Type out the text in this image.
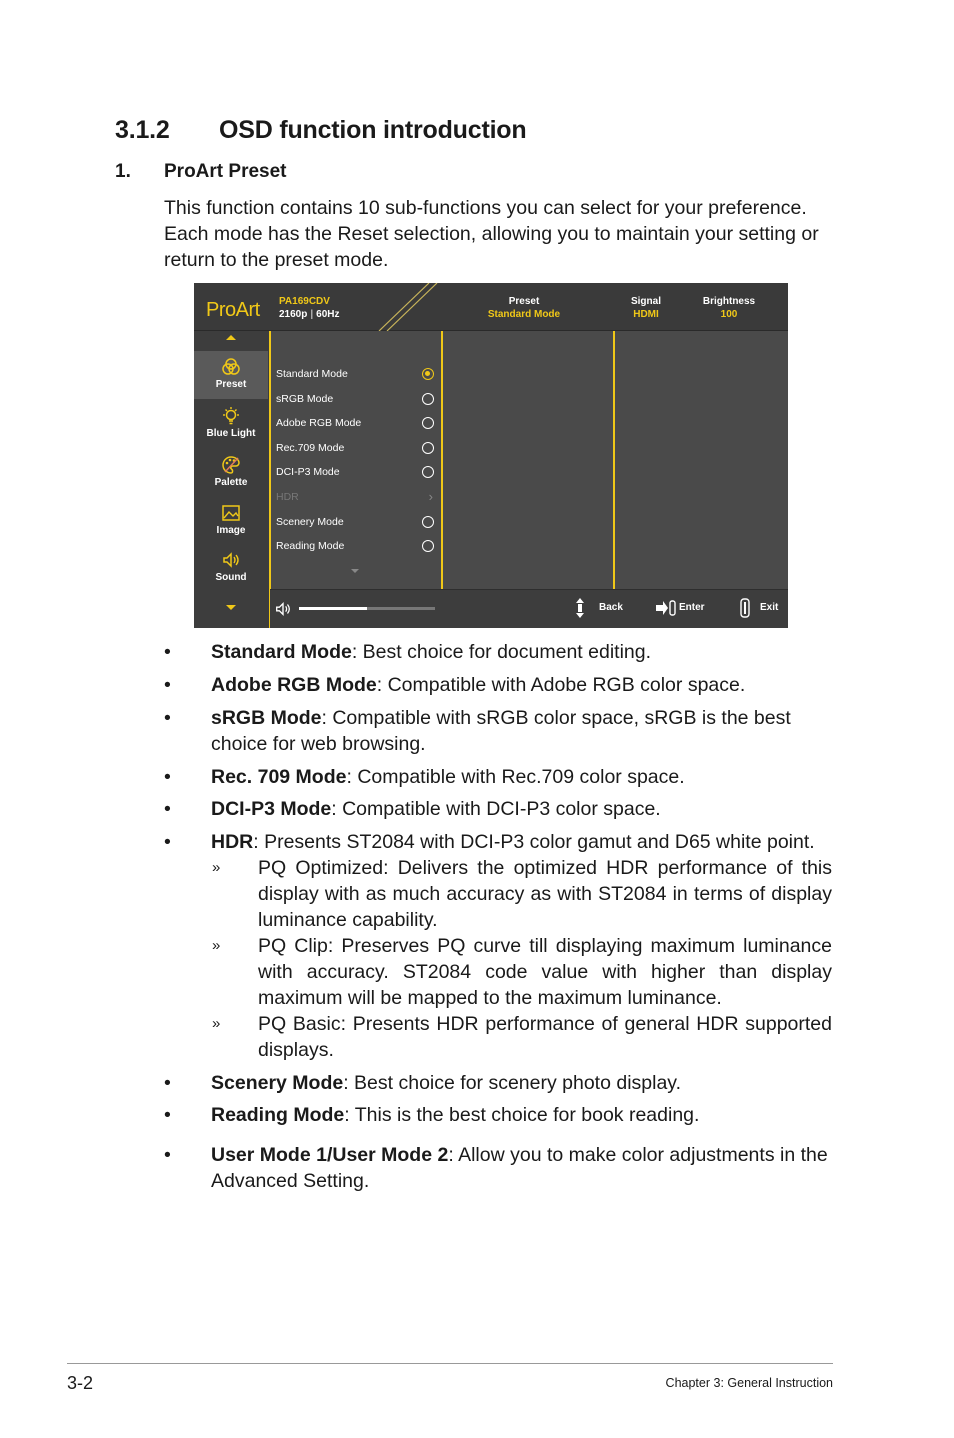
3.1.2 OSD function introduction
1. ProArt Preset

This function contains 10 sub-functions you can select for your preference. Each mode has the Reset selection, allowing you to maintain your setting or return to the preset mode.

ProArt PA169CDV
2160p | 60Hz
Preset
Standard Mode
Signal
HDMI
Brightness
100
Preset
Blue Light
Palette
Image
Sound
Standard Mode
sRGB Mode
Adobe RGB Mode
Rec.709 Mode
DCI-P3 Mode
HDR	›
Scenery Mode
Reading Mode
Back	Enter	Exit
• Standard Mode: Best choice for document editing.
• Adobe RGB Mode: Compatible with Adobe RGB color space.
• sRGB Mode: Compatible with sRGB color space, sRGB is the best choice for web browsing.
• Rec. 709 Mode: Compatible with Rec.709 color space.
• DCI-P3 Mode: Compatible with DCI-P3 color space.
• HDR: Presents ST2084 with DCI-P3 color gamut and D65 white point.
» PQ Optimized: Delivers the optimized HDR performance of this display with as much accuracy as with ST2084 in terms of display luminance capability.
» PQ Clip: Preserves PQ curve till displaying maximum luminance with accuracy. ST2084 code value with higher than display maximum will be mapped to the maximum luminance.
» PQ Basic: Presents HDR performance of general HDR supported displays.
• Scenery Mode: Best choice for scenery photo display.
• Reading Mode: This is the best choice for book reading.
• User Mode 1/User Mode 2: Allow you to make color adjustments in the Advanced Setting.
3-2	Chapter 3: General Instruction
